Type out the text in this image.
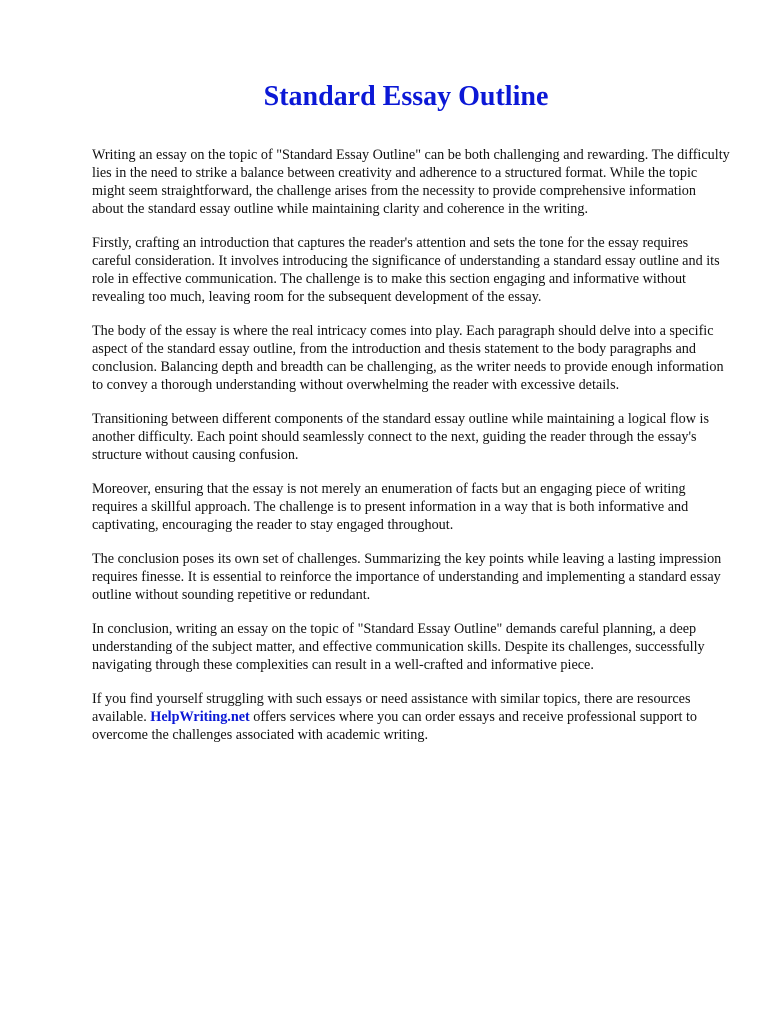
Standard Essay Outline

Writing an essay on the topic of "Standard Essay Outline" can be both challenging and rewarding. The difficulty lies in the need to strike a balance between creativity and adherence to a structured format. While the topic might seem straightforward, the challenge arises from the necessity to provide comprehensive information about the standard essay outline while maintaining clarity and coherence in the writing.

Firstly, crafting an introduction that captures the reader's attention and sets the tone for the essay requires careful consideration. It involves introducing the significance of understanding a standard essay outline and its role in effective communication. The challenge is to make this section engaging and informative without revealing too much, leaving room for the subsequent development of the essay.

The body of the essay is where the real intricacy comes into play. Each paragraph should delve into a specific aspect of the standard essay outline, from the introduction and thesis statement to the body paragraphs and conclusion. Balancing depth and breadth can be challenging, as the writer needs to provide enough information to convey a thorough understanding without overwhelming the reader with excessive details.

Transitioning between different components of the standard essay outline while maintaining a logical flow is another difficulty. Each point should seamlessly connect to the next, guiding the reader through the essay's structure without causing confusion.

Moreover, ensuring that the essay is not merely an enumeration of facts but an engaging piece of writing requires a skillful approach. The challenge is to present information in a way that is both informative and captivating, encouraging the reader to stay engaged throughout.

The conclusion poses its own set of challenges. Summarizing the key points while leaving a lasting impression requires finesse. It is essential to reinforce the importance of understanding and implementing a standard essay outline without sounding repetitive or redundant.

In conclusion, writing an essay on the topic of "Standard Essay Outline" demands careful planning, a deep understanding of the subject matter, and effective communication skills. Despite its challenges, successfully navigating through these complexities can result in a well-crafted and informative piece.

If you find yourself struggling with such essays or need assistance with similar topics, there are resources available. HelpWriting.net offers services where you can order essays and receive professional support to overcome the challenges associated with academic writing.
